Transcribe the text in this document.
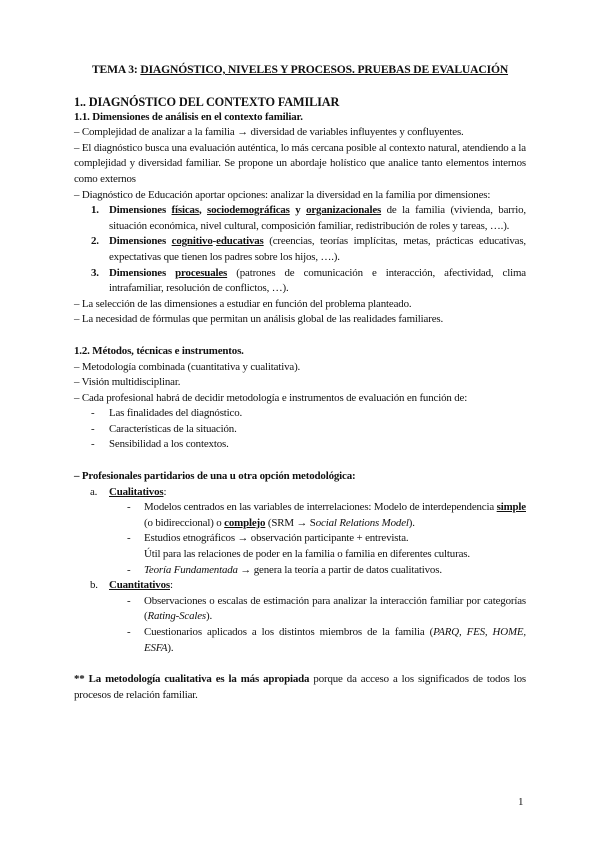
TEMA 3: DIAGNÓSTICO, NIVELES Y PROCESOS. PRUEBAS DE EVALUACIÓN

1.. DIAGNÓSTICO DEL CONTEXTO FAMILIAR

1.1. Dimensiones de análisis en el contexto familiar.

– Complejidad de analizar a la familia → diversidad de variables influyentes y confluyentes.

– El diagnóstico busca una evaluación auténtica, lo más cercana posible al contexto natural, atendiendo a la complejidad y diversidad familiar. Se propone un abordaje holístico que analice tanto elementos internos como externos

– Diagnóstico de Educación aportar opciones: analizar la diversidad en la familia por dimensiones:

1. Dimensiones físicas, sociodemográficas y organizacionales de la familia (vivienda, barrio, situación económica, nivel cultural, composición familiar, redistribución de roles y tareas, ….).
2. Dimensiones cognitivo-educativas (creencias, teorías implícitas, metas, prácticas educativas, expectativas que tienen los padres sobre los hijos, ….).
3. Dimensiones procesuales (patrones de comunicación e interacción, afectividad, clima intrafamiliar, resolución de conflictos, …).

– La selección de las dimensiones a estudiar en función del problema planteado.

– La necesidad de fórmulas que permitan un análisis global de las realidades familiares.

1.2. Métodos, técnicas e instrumentos.

– Metodología combinada (cuantitativa y cualitativa).

– Visión multidisciplinar.

– Cada profesional habrá de decidir metodología e instrumentos de evaluación en función de:

- Las finalidades del diagnóstico.
- Características de la situación.
- Sensibilidad a los contextos.

– Profesionales partidarios de una u otra opción metodológica:

a. Cualitativos:
- Modelos centrados en las variables de interrelaciones: Modelo de interdependencia simple (o bidireccional) o complejo (SRM → Social Relations Model).
- Estudios etnográficos → observación participante + entrevista.

Útil para las relaciones de poder en la familia o familia en diferentes culturas.

- Teoría Fundamentada → genera la teoría a partir de datos cualitativos.
b. Cuantitativos:
- Observaciones o escalas de estimación para analizar la interacción familiar por categorías (Rating-Scales).
- Cuestionarios aplicados a los distintos miembros de la familia (PARQ, FES, HOME, ESFA).

** La metodología cualitativa es la más apropiada porque da acceso a los significados de todos los procesos de relación familiar.

1
